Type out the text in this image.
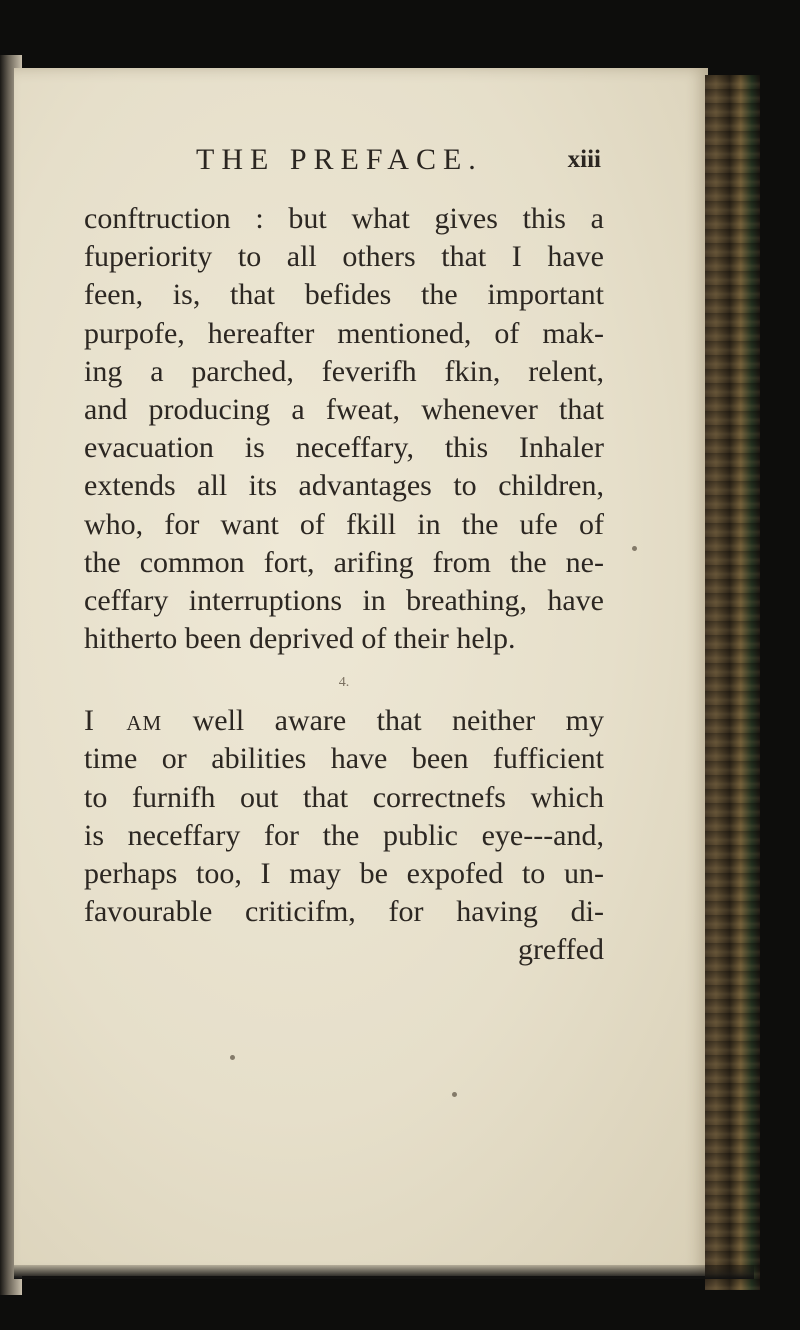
THE PREFACE.	xiii
conftruction : but what gives this a
fuperiority to all others that I have
feen, is, that befides the important
purpofe, hereafter mentioned, of mak-
ing a parched, feverifh fkin, relent,
and producing a fweat, whenever that
evacuation is neceffary, this Inhaler
extends all its advantages to children,
who, for want of fkill in the ufe of
the common fort, arifing from the ne-
ceffary interruptions in breathing, have
hitherto been deprived of their help.
4.
I am well aware that neither my
time or abilities have been fufficient
to furnifh out that correctnefs which
is neceffary for the public eye---and,
perhaps too, I may be expofed to un-
favourable criticifm, for having di-
greffed
